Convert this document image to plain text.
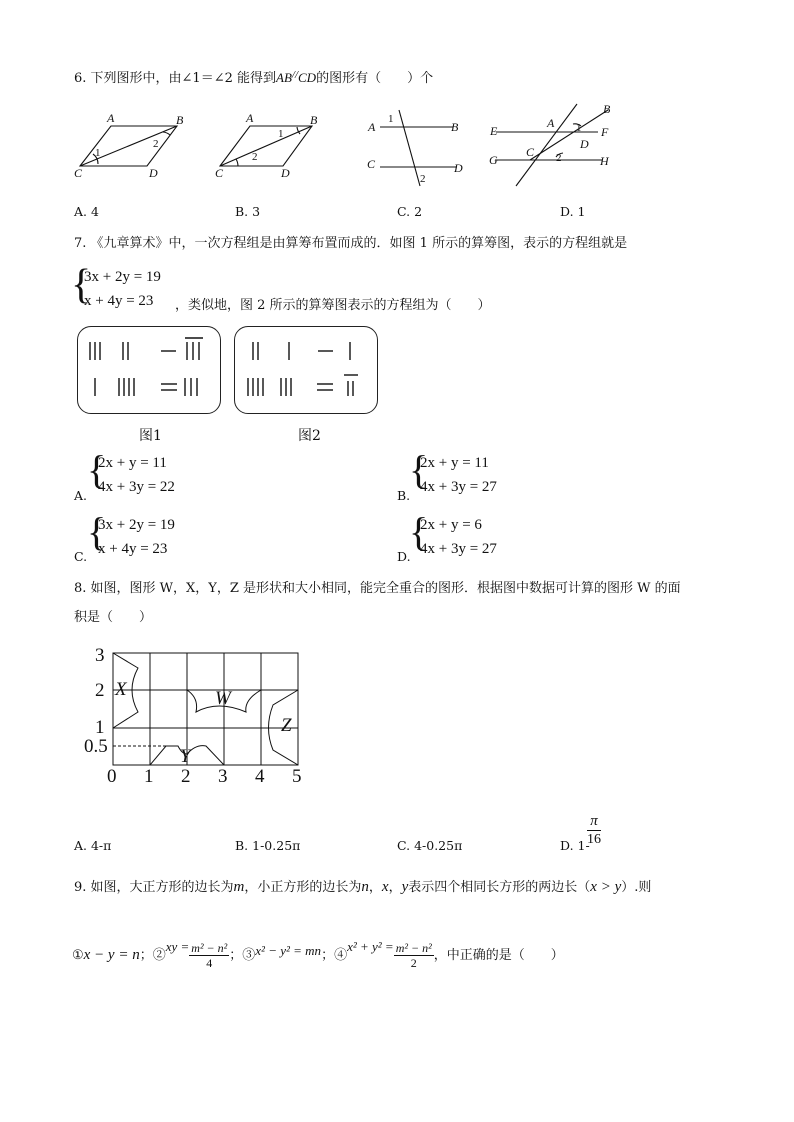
6. 下列图形中，由∠1＝∠2 能得到AB//CD的图形有（　　）个
A	B
C	D
A	B
C	D
A	B
C	D
A
B
C
D
E	F
G	H
1
2
1
2
1
2
1
2
A. 4	B. 3	C. 2	D. 1
7. 《九章算术》中，一次方程组是由算筹布置而成的．如图 1 所示的算筹图，表示的方程组就是
{
3x + 2y = 19
x + 4y = 23	，类似地，图 2 所示的算筹图表示的方程组为（　　）
图1	图2
A.
{
2x + y = 11
4x + 3y = 22
B.
{
2x + y = 11
4x + 3y = 27
C.
{
3x + 2y = 19
x + 4y = 23	D.
{
2x + y = 6
4x + 3y = 27
8. 如图，图形 W，X，Y，Z 是形状和大小相同，能完全重合的图形．根据图中数据可计算的图形 W 的面
积是（　　）
3
2
1
0.5
0 1 2 3 4 5
X	W
Z
Y
A. 4-π	B. 1-0.25π	C. 4-0.25π	D. 1-
$\frac{\pi}{16}$
9. 如图，大正方形的边长为m，小正方形的边长为n，x，y表示四个相同长方形的两边长（x > y）.则
①x − y = n；②xy = $\frac{\text{m² − n²}}{4}$ ；③x² − y² = mn；④x² + $y^2 = \frac{\text{m² − n²}}{2}$ ，中正确的是（　　）
